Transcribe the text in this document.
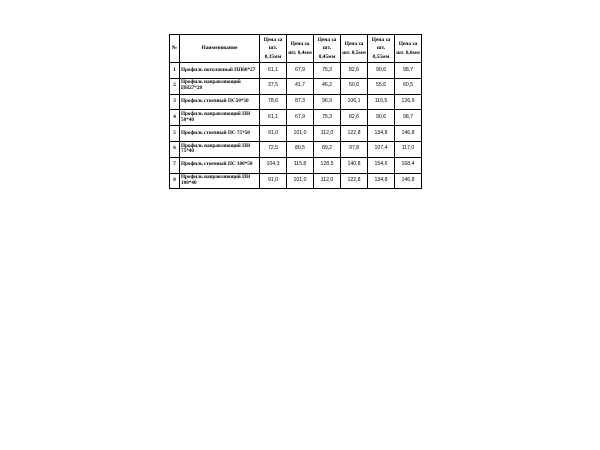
№	Наименование	Цена за шт. 0,35мм	Цена за шт. 0,4мм	Цена за шт. 0,45мм	Цена за шт. 0,5мм	Цена за шт. 0,55мм	Цена за шт. 0,6мм
1	Профиль потолочный ПП60*27	61,1	67,9	75,3	82,6	90,6	98,7
2	Профиль направляющий ПН27*28	37,5	41,7	46,2	50,6	55,6	60,5
3	Профиль стоечный ПС50*50	78,6	87,3	96,9	106,1	116,5	126,9
4	Профиль направляющий ПН 50*40	61,1	67,9	75,3	82,6	90,6	98,7
5	Профиль стоечный ПС 75*50	91,0	101,0	112,0	122,8	134,8	146,8
6	Профиль направляющий ПН 75*40	72,5	80,5	89,2	97,8	107,4	117,0
7	Профиль стоечный ПС 100*50	104,3	115,8	128,5	140,8	154,6	168,4
8	Профиль направляющий ПН 100*40	91,0	101,0	112,0	122,8	134,8	146,8
